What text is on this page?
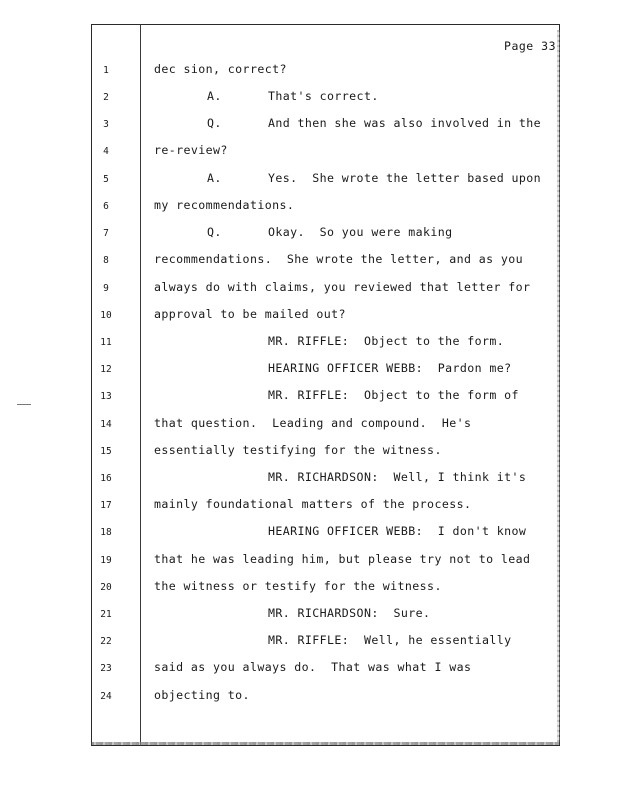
Page 33
1	dec sion, correct?
2	A.	That's correct.
3	Q.	And then she was also involved in the
4	re-review?
5	A.	Yes.  She wrote the letter based upon
6	my recommendations.
7	Q.	Okay.  So you were making
8	recommendations.  She wrote the letter, and as you
9	always do with claims, you reviewed that letter for
10	approval to be mailed out?
11	MR. RIFFLE:  Object to the form.
12	HEARING OFFICER WEBB:  Pardon me?
13	MR. RIFFLE:  Object to the form of
14	that question.  Leading and compound.  He's
15	essentially testifying for the witness.
16	MR. RICHARDSON:  Well, I think it's
17	mainly foundational matters of the process.
18	HEARING OFFICER WEBB:  I don't know
19	that he was leading him, but please try not to lead
20	the witness or testify for the witness.
21	MR. RICHARDSON:  Sure.
22	MR. RIFFLE:  Well, he essentially
23	said as you always do.  That was what I was
24	objecting to.
